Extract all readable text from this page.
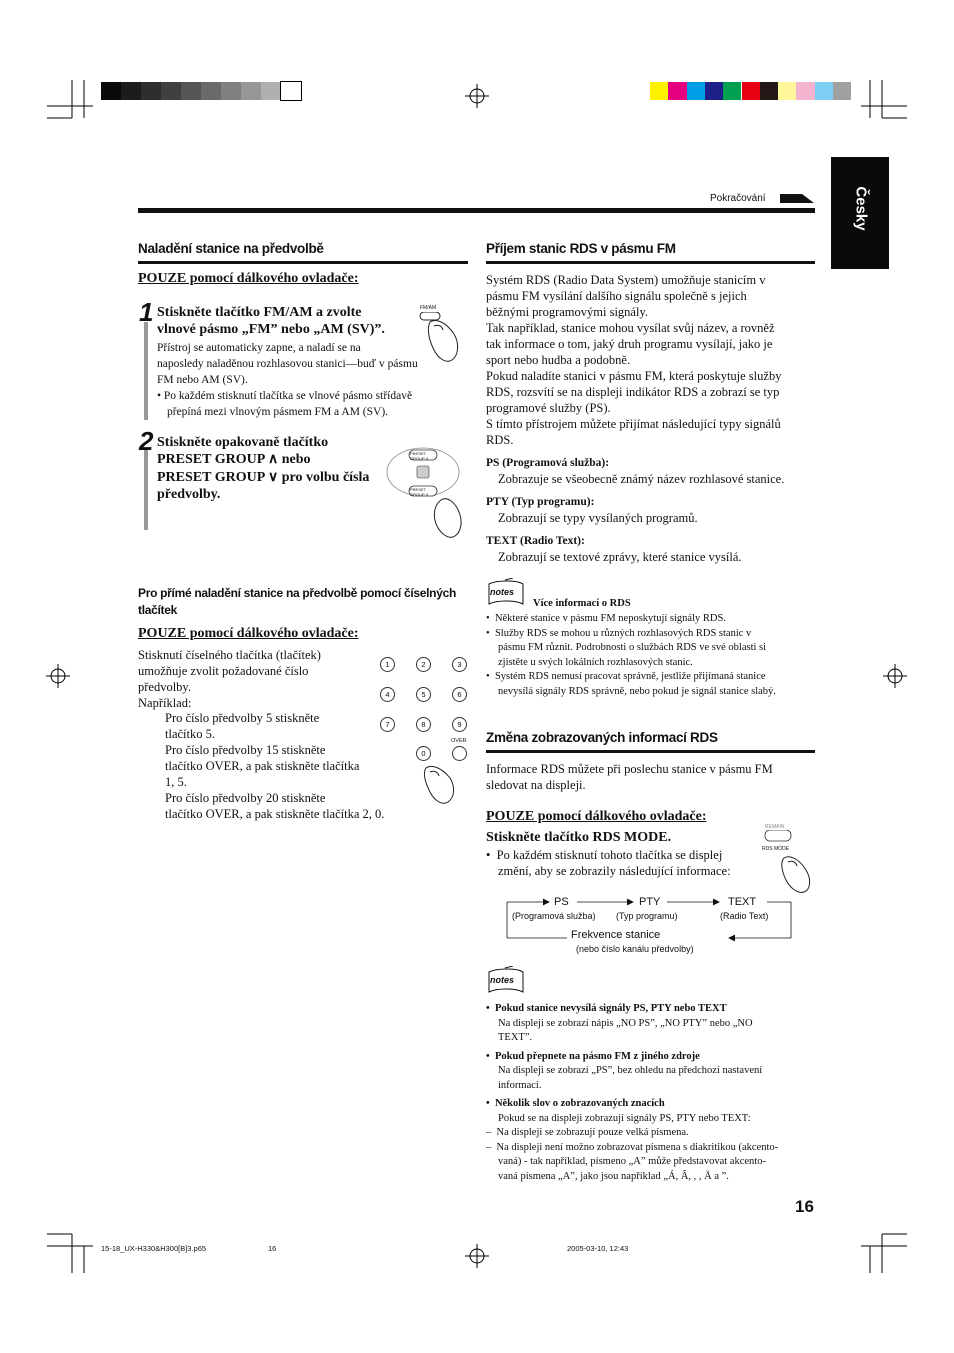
Česky
Pokračování
Naladění stanice na předvolbě
POUZE pomocí dálkového ovladače:
1 Stiskněte tlačítko FM/AM a zvolte
vlnové pásmo „FM” nebo „AM (SV)”.
Přístroj se automaticky zapne, a naladí se na
naposledy naladěnou rozhlasovou stanici—buď v pásmu
FM nebo AM (SV).
• Po každém stisknutí tlačítka se vlnové pásmo střídavě
přepíná mezi vlnovým pásmem FM a AM (SV).
FM/AM
2 Stiskněte opakovaně tlačítko
PRESET GROUP ∧ nebo
PRESET GROUP ∨ pro volbu čísla
předvolby.
PRESET GROUP ∧
PRESET GROUP ∨
Pro přímé naladění stanice na předvolbě pomocí číselných
tlačítek
POUZE pomocí dálkového ovladače:
Stisknutí číselného tlačítka (tlačítek)
umožňuje zvolit požadované číslo
předvolby.
Například:
Pro číslo předvolby 5 stiskněte
tlačítko 5.
Pro číslo předvolby 15 stiskněte
tlačítko OVER, a pak stiskněte tlačítka
1, 5.
Pro číslo předvolby 20 stiskněte
tlačítko OVER, a pak stiskněte tlačítka 2, 0.
1	2	3
4	5	6
7	8	9
0
OVER
Příjem stanic RDS v pásmu FM
Systém RDS (Radio Data System) umožňuje stanicím v
pásmu FM vysílání dalšího signálu společně s jejich
běžnými programovými signály.
Tak například, stanice mohou vysílat svůj název, a rovněž
tak informace o tom, jaký druh programu vysílají, jako je
sport nebo hudba a podobně.
Pokud naladíte stanici v pásmu FM, která poskytuje služby
RDS, rozsvítí se na displeji indikátor RDS a zobrazí se typ
programové služby (PS).
S tímto přístrojem můžete přijímat následující typy signálů
RDS.
PS (Programová služba):
Zobrazuje se všeobecně známý název rozhlasové stanice.
PTY (Typ programu):
Zobrazují se typy vysílaných programů.
TEXT (Radio Text):
Zobrazují se textové zprávy, které stanice vysílá.
notes
Více informací o RDS
•  Některé stanice v pásmu FM neposkytují signály RDS.
•  Služby RDS se mohou u různých rozhlasových RDS stanic v
pásmu FM různit. Podrobnosti o službách RDS ve své oblasti si
zjistěte u svých lokálních rozhlasových stanic.
•  Systém RDS nemusí pracovat správně, jestliže přijímaná stanice
nevysílá signály RDS správně, nebo pokud je signál stanice slabý.
Změna zobrazovaných informací RDS
Informace RDS můžete při poslechu stanice v pásmu FM
sledovat na displeji.
POUZE pomocí dálkového ovladače:
Stiskněte tlačítko RDS MODE.
•  Po každém stisknutí tohoto tlačítka se displej
změní, aby se zobrazily následující informace:
REMAIN
RDS MODE
PS
(Programová služba)
PTY
(Typ programu)
TEXT
(Radio Text)
Frekvence stanice
(nebo číslo kanálu předvolby)
notes
•  Pokud stanice nevysílá signály PS, PTY nebo TEXT
Na displeji se zobrazí nápis „NO PS”, „NO PTY” nebo „NO
TEXT”.
•  Pokud přepnete na pásmo FM z jiného zdroje
Na displeji se zobrazí „PS”, bez ohledu na předchozí nastavení
informací.
•  Několik slov o zobrazovaných znacích
Pokud se na displeji zobrazují signály PS, PTY nebo TEXT:
–  Na displeji se zobrazují pouze velká písmena.
–  Na displeji není možno zobrazovat písmena s diakritikou (akcento-
vaná) - tak například, písmeno „A” může představovat akcento-
vaná písmena „A”, jako jsou například „Á, Â, , , Ä a ”.
16
15-18_UX-H330&H300[B]3.p65	16	2005-03-10, 12:43
